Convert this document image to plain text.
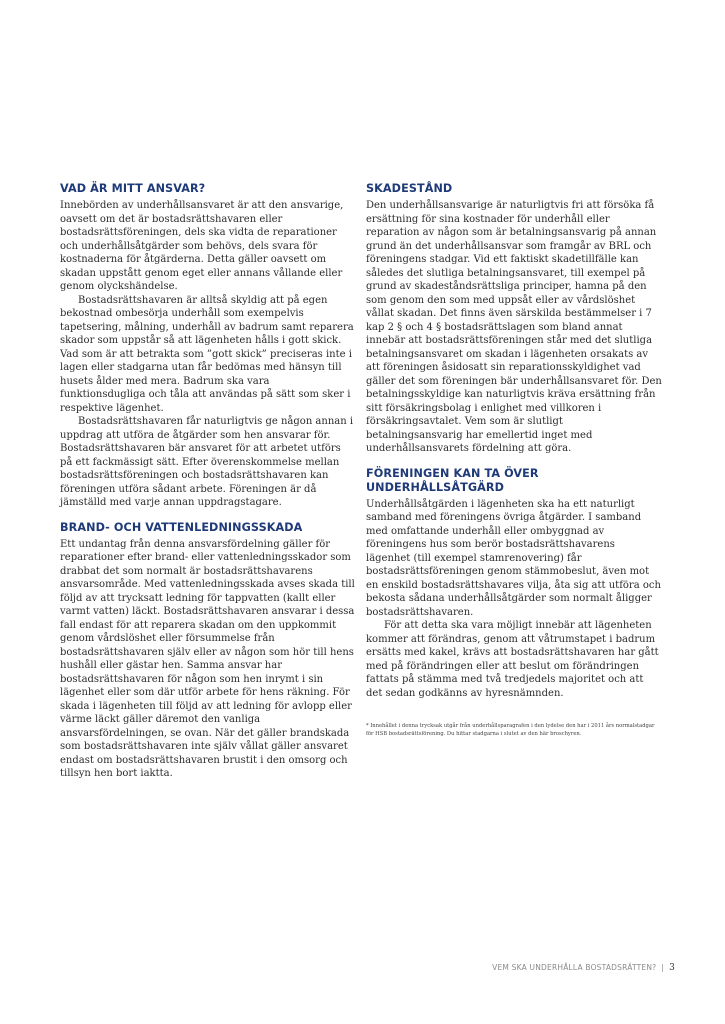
VAD ÄR MITT ANSVAR?

Innebörden av underhållsansvaret är att den ansvarige, oavsett om det är bostadsrättshavaren eller bostadsrättsföreningen, dels ska vidta de reparationer och underhållsåtgärder som behövs, dels svara för kostnaderna för åtgärderna. Detta gäller oavsett om skadan uppstått genom eget eller annans vållande eller genom olyckshändelse.

Bostadsrättshavaren är alltså skyldig att på egen bekostnad ombesörja underhåll som exempelvis tapetsering, målning, underhåll av badrum samt reparera skador som uppstår så att lägenheten hålls i gott skick. Vad som är att betrakta som ”gott skick” preciseras inte i lagen eller stadgarna utan får bedömas med hänsyn till husets ålder med mera. Badrum ska vara funktionsdugliga och tåla att användas på sätt som sker i respektive lägenhet.

Bostadsrättshavaren får naturligtvis ge någon annan i uppdrag att utföra de åtgärder som hen ansvarar för. Bostadsrättshavaren bär ansvaret för att arbetet utförs på ett fackmässigt sätt. Efter överenskommelse mellan bostadsrättsföreningen och bostadsrättshavaren kan föreningen utföra sådant arbete. Föreningen är då jämställd med varje annan uppdragstagare.

BRAND- OCH VATTENLEDNINGSSKADA

Ett undantag från denna ansvarsfördelning gäller för reparationer efter brand- eller vattenledningsskador som drabbat det som normalt är bostadsrättshavarens ansvarsområde. Med vattenledningsskada avses skada till följd av att trycksatt ledning för tappvatten (kallt eller varmt vatten) läckt. Bostadsrättshavaren ansvarar i dessa fall endast för att reparera skadan om den uppkommit genom vårdslöshet eller försummelse från bostadsrättshavaren själv eller av någon som hör till hens hushåll eller gästar hen. Samma ansvar har bostadsrättshavaren för någon som hen inrymt i sin lägenhet eller som där utför arbete för hens räkning. För skada i lägenheten till följd av att ledning för avlopp eller värme läckt gäller däremot den vanliga ansvarsfördelningen, se ovan. När det gäller brandskada som bostadsrättshavaren inte själv vållat gäller ansvaret endast om bostadsrättshavaren brustit i den omsorg och tillsyn hen bort iaktta.

SKADESTÅND

Den underhållsansvarige är naturligtvis fri att försöka få ersättning för sina kostnader för underhåll eller reparation av någon som är betalningsansvarig på annan grund än det underhållsansvar som framgår av BRL och föreningens stadgar. Vid ett faktiskt skadetillfälle kan således det slutliga betalningsansvaret, till exempel på grund av skadeståndsrättsliga principer, hamna på den som genom den som med uppsåt eller av vårdslöshet vållat skadan. Det finns även särskilda bestämmelser i 7 kap 2 § och 4 § bostadsrättslagen som bland annat innebär att bostadsrättsföreningen står med det slutliga betalningsansvaret om skadan i lägenheten orsakats av att föreningen åsidosatt sin reparationsskyldighet vad gäller det som föreningen bär underhållsansvaret för. Den betalningsskyldige kan naturligtvis kräva ersättning från sitt försäkringsbolag i enlighet med villkoren i försäkringsavtalet. Vem som är slutligt betalningsansvarig har emellertid inget med underhållsansvarets fördelning att göra.

FÖRENINGEN KAN TA ÖVER UNDERHÅLLSÅTGÄRD

Underhållsåtgärden i lägenheten ska ha ett naturligt samband med föreningens övriga åtgärder. I samband med omfattande underhåll eller ombyggnad av föreningens hus som berör bostadsrättshavarens lägenhet (till exempel stamrenovering) får bostadsrättsföreningen genom stämmobeslut, även mot en enskild bostadsrättshavares vilja, åta sig att utföra och bekosta sådana underhållsåtgärder som normalt åligger bostadsrättshavaren.

För att detta ska vara möjligt innebär att lägenheten kommer att förändras, genom att våtrumstapet i badrum ersätts med kakel, krävs att bostadsrättshavaren har gått med på förändringen eller att beslut om förändringen fattats på stämma med två tredjedels majoritet och att det sedan godkänns av hyresnämnden.

* Innehållet i denna trycksak utgår från underhållsparagrafen i den lydelse den har i 2011 års normalstadgar för HSB bostadsrättsförening. Du hittar stadgarna i slutet av den här broschyren.

VEM SKA UNDERHÅLLA BOSTADSRÄTTEN? | 3
